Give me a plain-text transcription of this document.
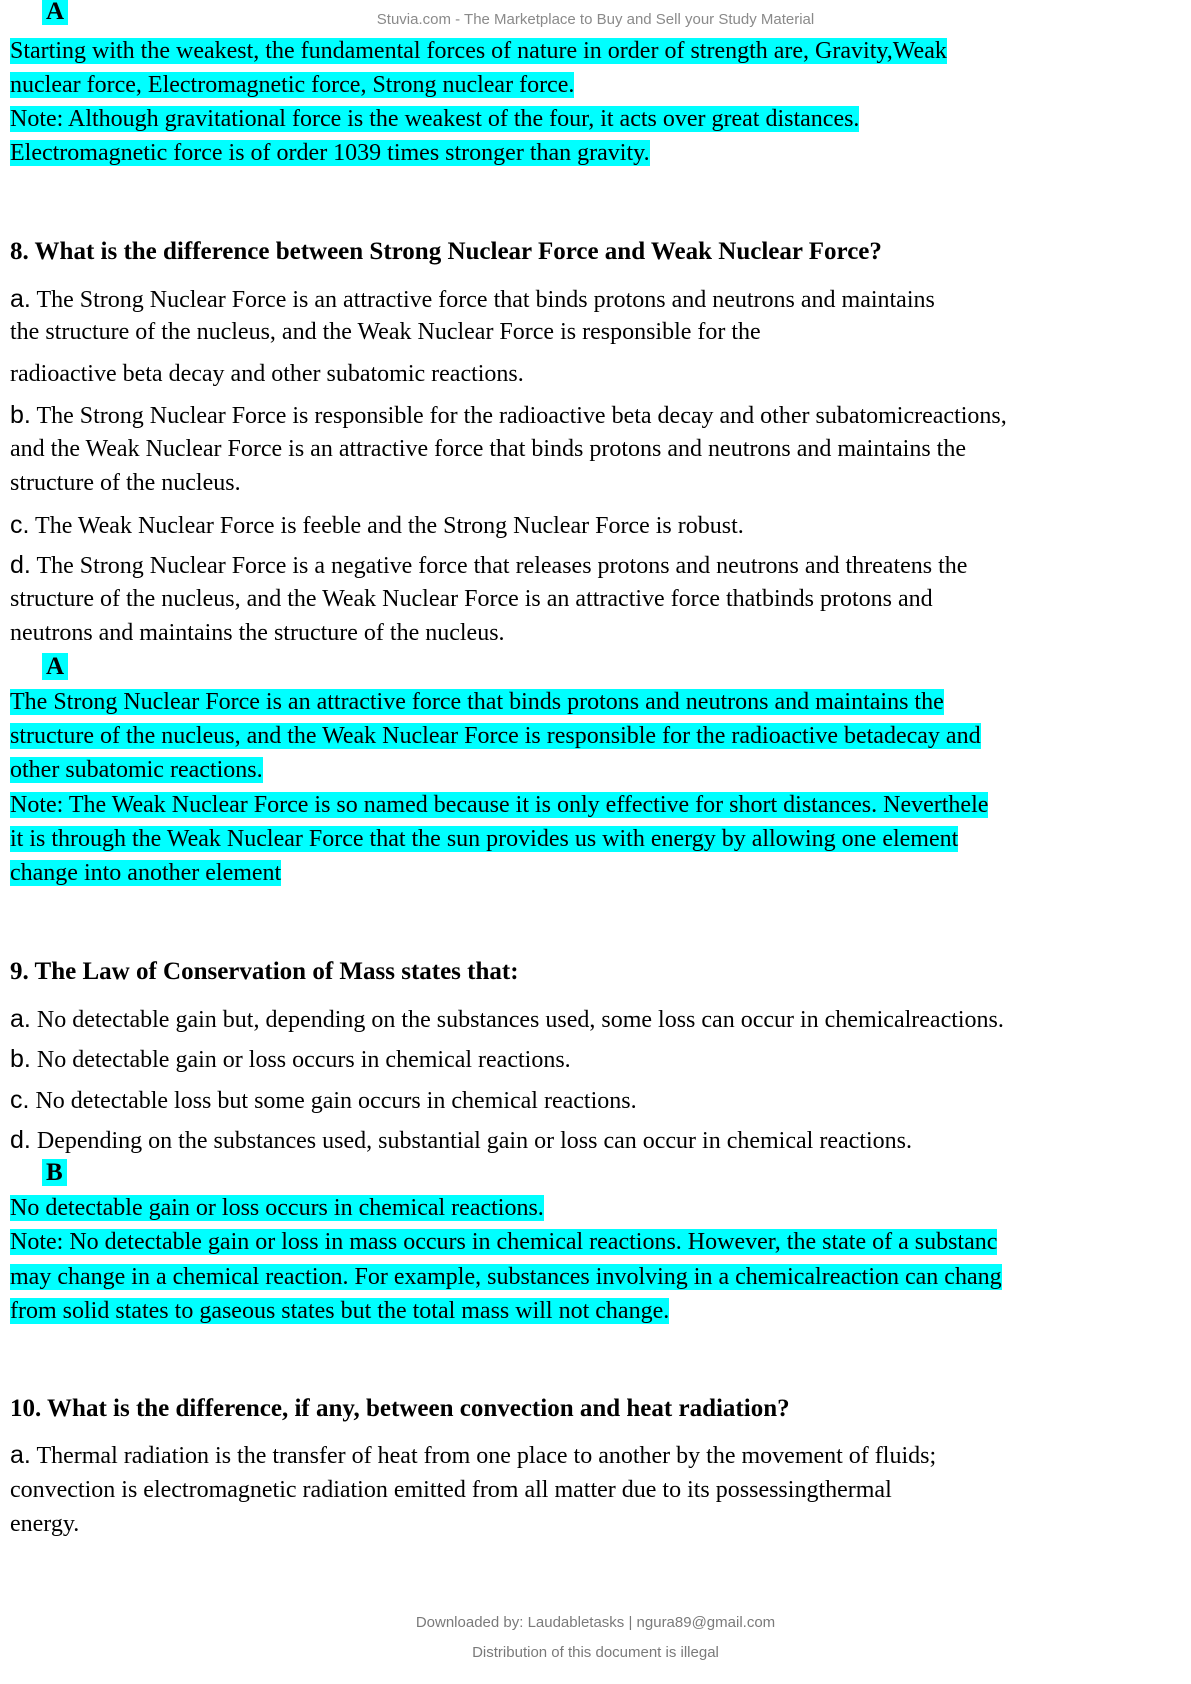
Stuvia.com - The Marketplace to Buy and Sell your Study Material
A
Starting with the weakest, the fundamental forces of nature in order of strength are, Gravity,Weak
nuclear force, Electromagnetic force, Strong nuclear force.
Note: Although gravitational force is the weakest of the four, it acts over great distances.
Electromagnetic force is of order 1039 times stronger than gravity.
8. What is the difference between Strong Nuclear Force and Weak Nuclear Force?
a. The Strong Nuclear Force is an attractive force that binds protons and neutrons and maintains
the structure of the nucleus, and the Weak Nuclear Force is responsible for the
radioactive beta decay and other subatomic reactions.
b. The Strong Nuclear Force is responsible for the radioactive beta decay and other subatomicreactions,
and the Weak Nuclear Force is an attractive force that binds protons and neutrons and maintains the
structure of the nucleus.
c. The Weak Nuclear Force is feeble and the Strong Nuclear Force is robust.
d. The Strong Nuclear Force is a negative force that releases protons and neutrons and threatens the
structure of the nucleus, and the Weak Nuclear Force is an attractive force thatbinds protons and
neutrons and maintains the structure of the nucleus.
A
The Strong Nuclear Force is an attractive force that binds protons and neutrons and maintains the
structure of the nucleus, and the Weak Nuclear Force is responsible for the radioactive betadecay and
other subatomic reactions.
Note: The Weak Nuclear Force is so named because it is only effective for short distances. Neverthele
it is through the Weak Nuclear Force that the sun provides us with energy by allowing one element
change into another element
9. The Law of Conservation of Mass states that:
a. No detectable gain but, depending on the substances used, some loss can occur in chemicalreactions.
b. No detectable gain or loss occurs in chemical reactions.
c. No detectable loss but some gain occurs in chemical reactions.
d. Depending on the substances used, substantial gain or loss can occur in chemical reactions.
B
No detectable gain or loss occurs in chemical reactions.
Note: No detectable gain or loss in mass occurs in chemical reactions. However, the state of a substanc
may change in a chemical reaction. For example, substances involving in a chemicalreaction can chang
from solid states to gaseous states but the total mass will not change.
10. What is the difference, if any, between convection and heat radiation?
a. Thermal radiation is the transfer of heat from one place to another by the movement of fluids;
convection is electromagnetic radiation emitted from all matter due to its possessingthermal
energy.
Downloaded by: Laudabletasks | ngura89@gmail.com
Distribution of this document is illegal
